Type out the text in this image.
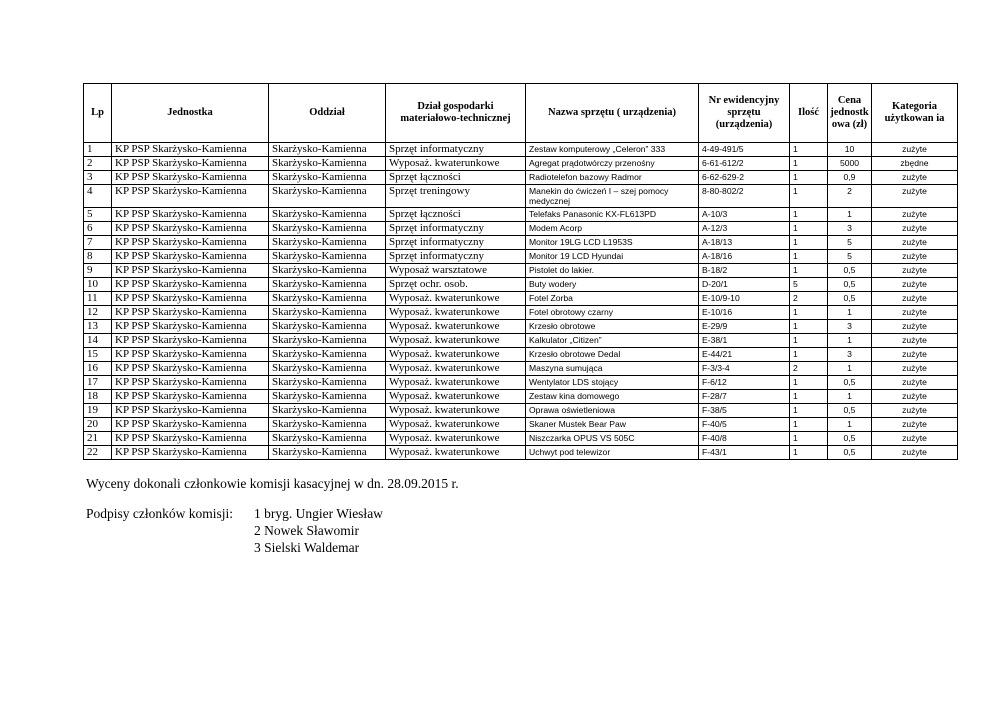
Lp	Jednostka	Oddział	Dział gospodarki materiałowo-technicznej	Nazwa sprzętu ( urządzenia)	Nr ewidencyjny sprzętu (urządzenia)	Ilość	Cena jednostk owa (zł)	Kategoria użytkowan ia
1	KP PSP Skarżysko-Kamienna	Skarżysko-Kamienna	Sprzęt informatyczny	Zestaw komputerowy „Celeron” 333	4-49-491/5	1	10	zużyte
2	KP PSP Skarżysko-Kamienna	Skarżysko-Kamienna	Wyposaż. kwaterunkowe	Agregat prądotwórczy przenośny	6-61-612/2	1	5000	zbędne
3	KP PSP Skarżysko-Kamienna	Skarżysko-Kamienna	Sprzęt łączności	Radiotelefon bazowy Radmor	6-62-629-2	1	0,9	zużyte
4	KP PSP Skarżysko-Kamienna	Skarżysko-Kamienna	Sprzęt treningowy	Manekin do ćwiczeń I – szej pomocy medycznej	8-80-802/2	1	2	zużyte
5	KP PSP Skarżysko-Kamienna	Skarżysko-Kamienna	Sprzęt łączności	Telefaks Panasonic KX-FL613PD	A-10/3	1	1	zużyte
6	KP PSP Skarżysko-Kamienna	Skarżysko-Kamienna	Sprzęt informatyczny	Modem Acorp	A-12/3	1	3	zużyte
7	KP PSP Skarżysko-Kamienna	Skarżysko-Kamienna	Sprzęt informatyczny	Monitor 19LG LCD L1953S	A-18/13	1	5	zużyte
8	KP PSP Skarżysko-Kamienna	Skarżysko-Kamienna	Sprzęt informatyczny	Monitor 19 LCD Hyundai	A-18/16	1	5	zużyte
9	KP PSP Skarżysko-Kamienna	Skarżysko-Kamienna	Wyposaż warsztatowe	Pistolet do lakier.	B-18/2	1	0,5	zużyte
10	KP PSP Skarżysko-Kamienna	Skarżysko-Kamienna	Sprzęt ochr. osob.	Buty wodery	D-20/1	5	0,5	zużyte
11	KP PSP Skarżysko-Kamienna	Skarżysko-Kamienna	Wyposaż. kwaterunkowe	Fotel Zorba	E-10/9-10	2	0,5	zużyte
12	KP PSP Skarżysko-Kamienna	Skarżysko-Kamienna	Wyposaż. kwaterunkowe	Fotel obrotowy czarny	E-10/16	1	1	zużyte
13	KP PSP Skarżysko-Kamienna	Skarżysko-Kamienna	Wyposaż. kwaterunkowe	Krzesło obrotowe	E-29/9	1	3	zużyte
14	KP PSP Skarżysko-Kamienna	Skarżysko-Kamienna	Wyposaż. kwaterunkowe	Kalkulator „Citizen”	E-38/1	1	1	zużyte
15	KP PSP Skarżysko-Kamienna	Skarżysko-Kamienna	Wyposaż. kwaterunkowe	Krzesło obrotowe Dedal	E-44/21	1	3	zużyte
16	KP PSP Skarżysko-Kamienna	Skarżysko-Kamienna	Wyposaż. kwaterunkowe	Maszyna sumująca	F-3/3-4	2	1	zużyte
17	KP PSP Skarżysko-Kamienna	Skarżysko-Kamienna	Wyposaż. kwaterunkowe	Wentylator LDS stojący	F-6/12	1	0,5	zużyte
18	KP PSP Skarżysko-Kamienna	Skarżysko-Kamienna	Wyposaż. kwaterunkowe	Zestaw kina domowego	F-28/7	1	1	zużyte
19	KP PSP Skarżysko-Kamienna	Skarżysko-Kamienna	Wyposaż. kwaterunkowe	Oprawa oświetleniowa	F-38/5	1	0,5	zużyte
20	KP PSP Skarżysko-Kamienna	Skarżysko-Kamienna	Wyposaż. kwaterunkowe	Skaner Mustek Bear Paw	F-40/5	1	1	zużyte
21	KP PSP Skarżysko-Kamienna	Skarżysko-Kamienna	Wyposaż. kwaterunkowe	Niszczarka OPUS VS 505C	F-40/8	1	0,5	zużyte
22	KP PSP Skarżysko-Kamienna	Skarżysko-Kamienna	Wyposaż. kwaterunkowe	Uchwyt pod telewizor	F-43/1	1	0,5	zużyte
Wyceny dokonali członkowie komisji kasacyjnej w dn. 28.09.2015 r.
Podpisy członków komisji: 1 bryg. Ungier Wiesław
2 Nowek Sławomir
3 Sielski Waldemar
